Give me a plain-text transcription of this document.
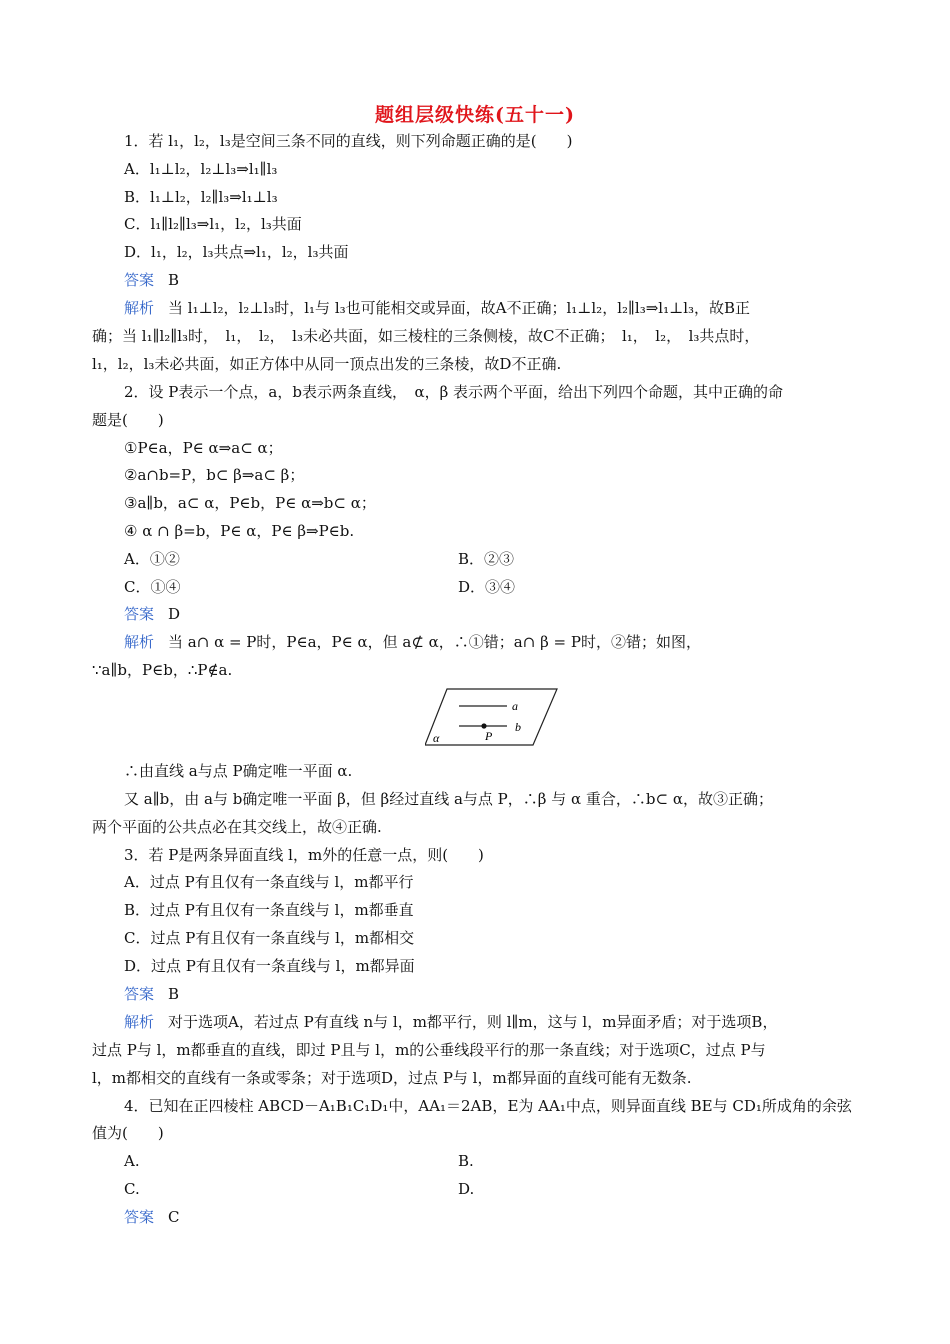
题组层级快练(五十一)
1．若 l₁，l₂，l₃是空间三条不同的直线，则下列命题正确的是(　　)
A．l₁⊥l₂，l₂⊥l₃⇒l₁∥l₃
B．l₁⊥l₂，l₂∥l₃⇒l₁⊥l₃
C．l₁∥l₂∥l₃⇒l₁，l₂，l₃共面
D．l₁，l₂，l₃共点⇒l₁，l₂，l₃共面
答案 B
解析 当 l₁⊥l₂，l₂⊥l₃时，l₁与 l₃也可能相交或异面，故A不正确；l₁⊥l₂，l₂∥l₃⇒l₁⊥l₃，故B正
确；当 l₁∥l₂∥l₃时，　l₁，　l₂，　l₃未必共面，如三棱柱的三条侧棱，故C不正确；　l₁，　l₂，　l₃共点时，
l₁，l₂，l₃未必共面，如正方体中从同一顶点出发的三条棱，故D不正确.
2．设 P表示一个点，a，b表示两条直线，　α，β 表示两个平面，给出下列四个命题，其中正确的命
题是(　　)
①P∈a，P∈ α⇒a⊂ α；
②a∩b=P，b⊂ β⇒a⊂ β；
③a∥b，a⊂ α，P∈b，P∈ α⇒b⊂ α；
④ α ∩ β=b，P∈ α，P∈ β⇒P∈b.
A．①②	B．②③
C．①④	D．③④
答案 D
解析 当 a∩ α = P时，P∈a，P∈ α，但 a⊄ α，∴①错；a∩ β = P时，②错；如图，
∵a∥b，P∈b，∴P∉a.
a
b
P
α
∴由直线 a与点 P确定唯一平面 α.
又 a∥b，由 a与 b确定唯一平面 β，但 β经过直线 a与点 P，∴β 与 α 重合，∴b⊂ α，故③正确；
两个平面的公共点必在其交线上，故④正确.
3．若 P是两条异面直线 l，m外的任意一点，则(　　)
A．过点 P有且仅有一条直线与 l，m都平行
B．过点 P有且仅有一条直线与 l，m都垂直
C．过点 P有且仅有一条直线与 l，m都相交
D．过点 P有且仅有一条直线与 l，m都异面
答案 B
解析 对于选项A，若过点 P有直线 n与 l，m都平行，则 l∥m，这与 l，m异面矛盾；对于选项B，
过点 P与 l，m都垂直的直线，即过 P且与 l，m的公垂线段平行的那一条直线；对于选项C，过点 P与
l，m都相交的直线有一条或零条；对于选项D，过点 P与 l，m都异面的直线可能有无数条.
4．已知在正四棱柱 ABCD－A₁B₁C₁D₁中，AA₁＝2AB，E为 AA₁中点，则异面直线 BE与 CD₁所成角的余弦
值为(　　)
A.	B.
C.	D.
答案 C
